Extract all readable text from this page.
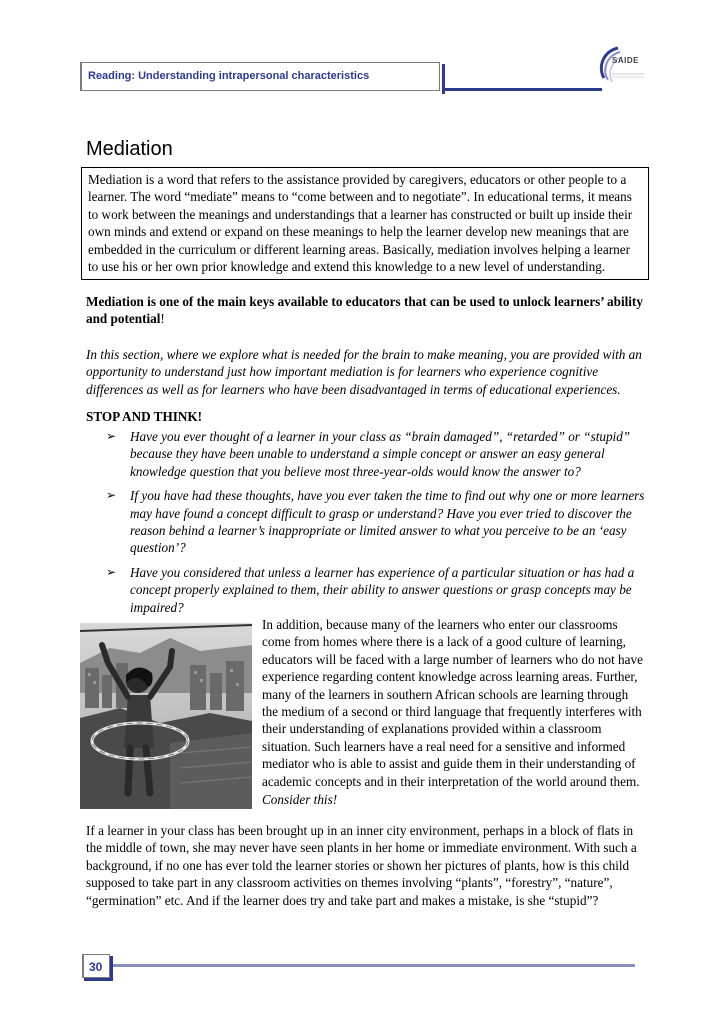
Reading: Understanding intrapersonal characteristics
SAIDE
Mediation
Mediation is a word that refers to the assistance provided by caregivers, educators or other people to a learner. The word “mediate” means to “come between and to negotiate”. In educational terms, it means to work between the meanings and understandings that a learner has constructed or built up inside their own minds and extend or expand on these meanings to help the learner develop new meanings that are embedded in the curriculum or different learning areas. Basically, mediation involves helping a learner to use his or her own prior knowledge and extend this knowledge to a new level of understanding.
Mediation is one of the main keys available to educators that can be used to unlock learners’ ability and potential!
In this section, where we explore what is needed for the brain to make meaning, you are provided with an opportunity to understand just how important mediation is for learners who experience cognitive differences as well as for learners who have been disadvantaged in terms of educational experiences.
STOP AND THINK!
➢ Have you ever thought of a learner in your class as “brain damaged”, “retarded” or “stupid” because they have been unable to understand a simple concept or answer an easy general knowledge question that you believe most three-year-olds would know the answer to?
➢ If you have had these thoughts, have you ever taken the time to find out why one or more learners may have found a concept difficult to grasp or understand? Have you ever tried to discover the reason behind a learner’s inappropriate or limited answer to what you perceive to be an ‘easy question’?
➢ Have you considered that unless a learner has experience of a particular situation or has had a concept properly explained to them, their ability to answer questions or grasp concepts may be impaired?
In addition, because many of the learners who enter our classrooms come from homes where there is a lack of a good culture of learning, educators will be faced with a large number of learners who do not have experience regarding content knowledge across learning areas. Further, many of the learners in southern African schools are learning through the medium of a second or third language that frequently interferes with their understanding of explanations provided within a classroom situation. Such learners have a real need for a sensitive and informed mediator who is able to assist and guide them in their understanding of academic concepts and in their interpretation of the world around them.
Consider this!
If a learner in your class has been brought up in an inner city environment, perhaps in a block of flats in the middle of town, she may never have seen plants in her home or immediate environment. With such a background, if no one has ever told the learner stories or shown her pictures of plants, how is this child supposed to take part in any classroom activities on themes involving “plants”, “forestry”, “nature”, “germination” etc. And if the learner does try and take part and makes a mistake, is she “stupid”?
30
